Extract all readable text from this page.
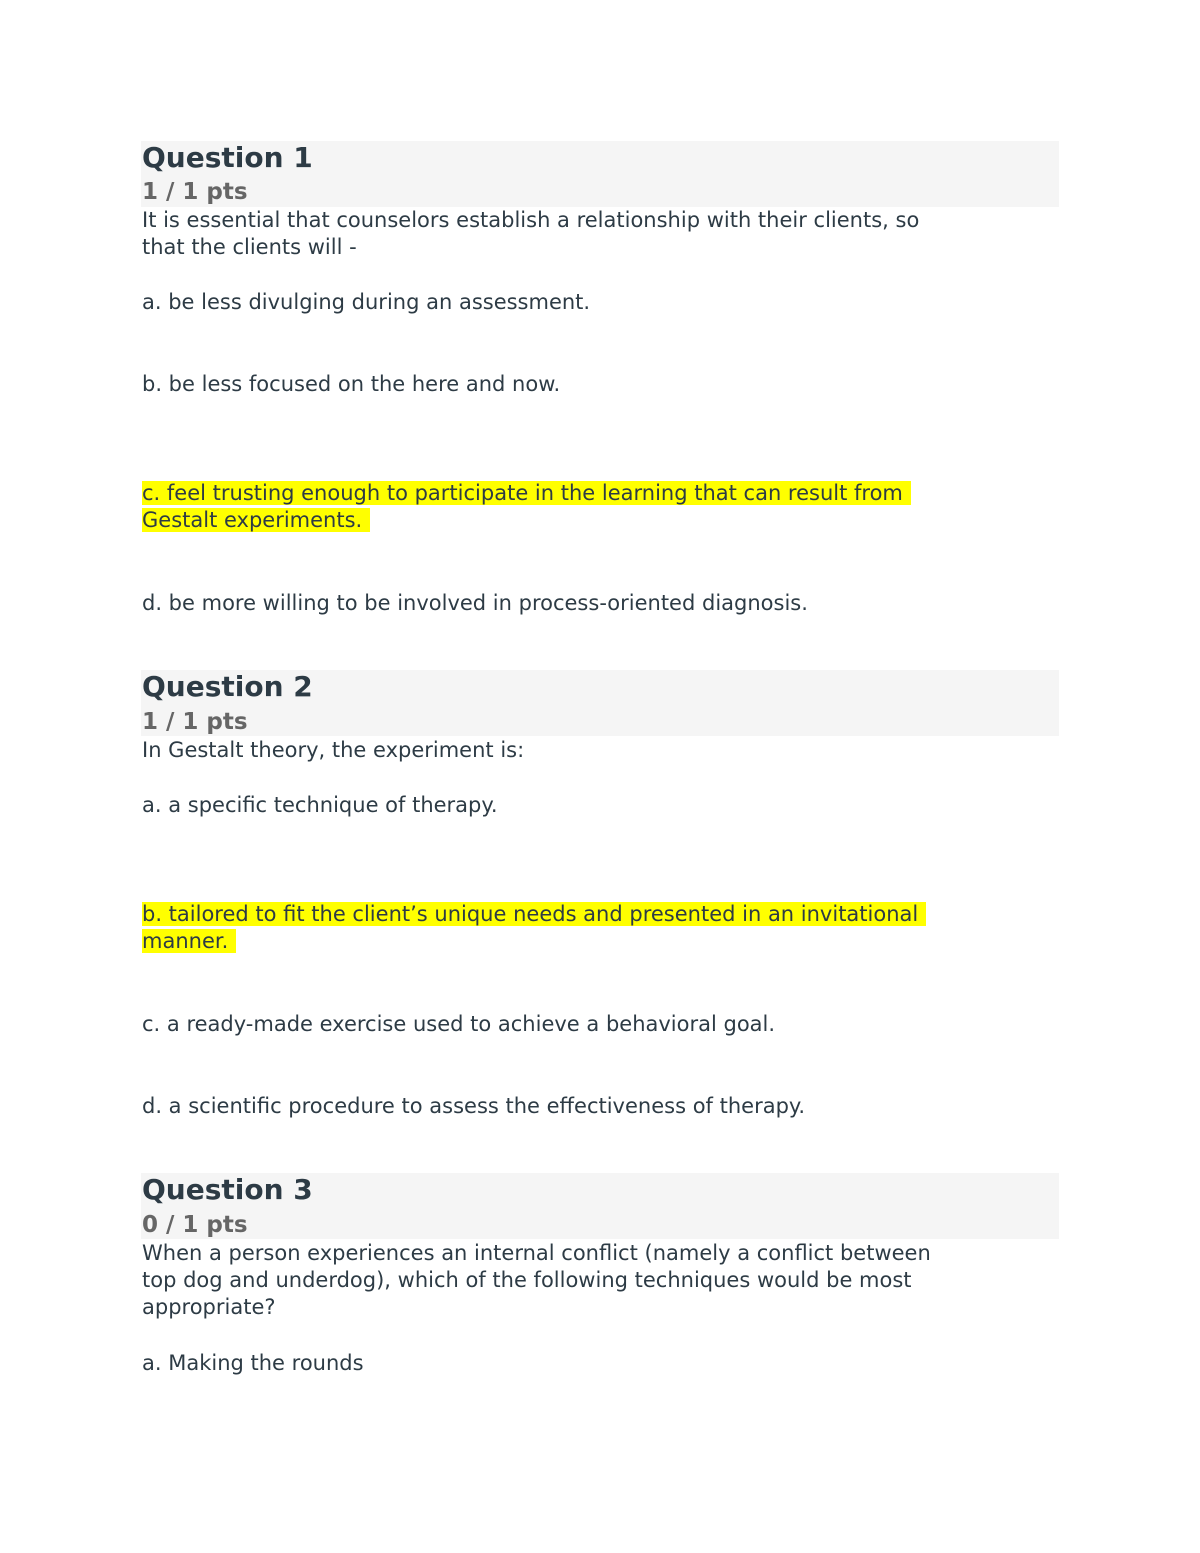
Question 1
1 / 1 pts
It is essential that counselors establish a relationship with their clients, so
that the clients will -
a. be less divulging during an assessment.
b. be less focused on the here and now.
c. feel trusting enough to participate in the learning that can result from
Gestalt experiments.
d. be more willing to be involved in process-oriented diagnosis.
Question 2
1 / 1 pts
In Gestalt theory, the experiment is:
a. a specific technique of therapy.
b. tailored to fit the client’s unique needs and presented in an invitational
manner.
c. a ready-made exercise used to achieve a behavioral goal.
d. a scientific procedure to assess the effectiveness of therapy.
Question 3
0 / 1 pts
When a person experiences an internal conflict (namely a conflict between
top dog and underdog), which of the following techniques would be most
appropriate?
a. Making the rounds
